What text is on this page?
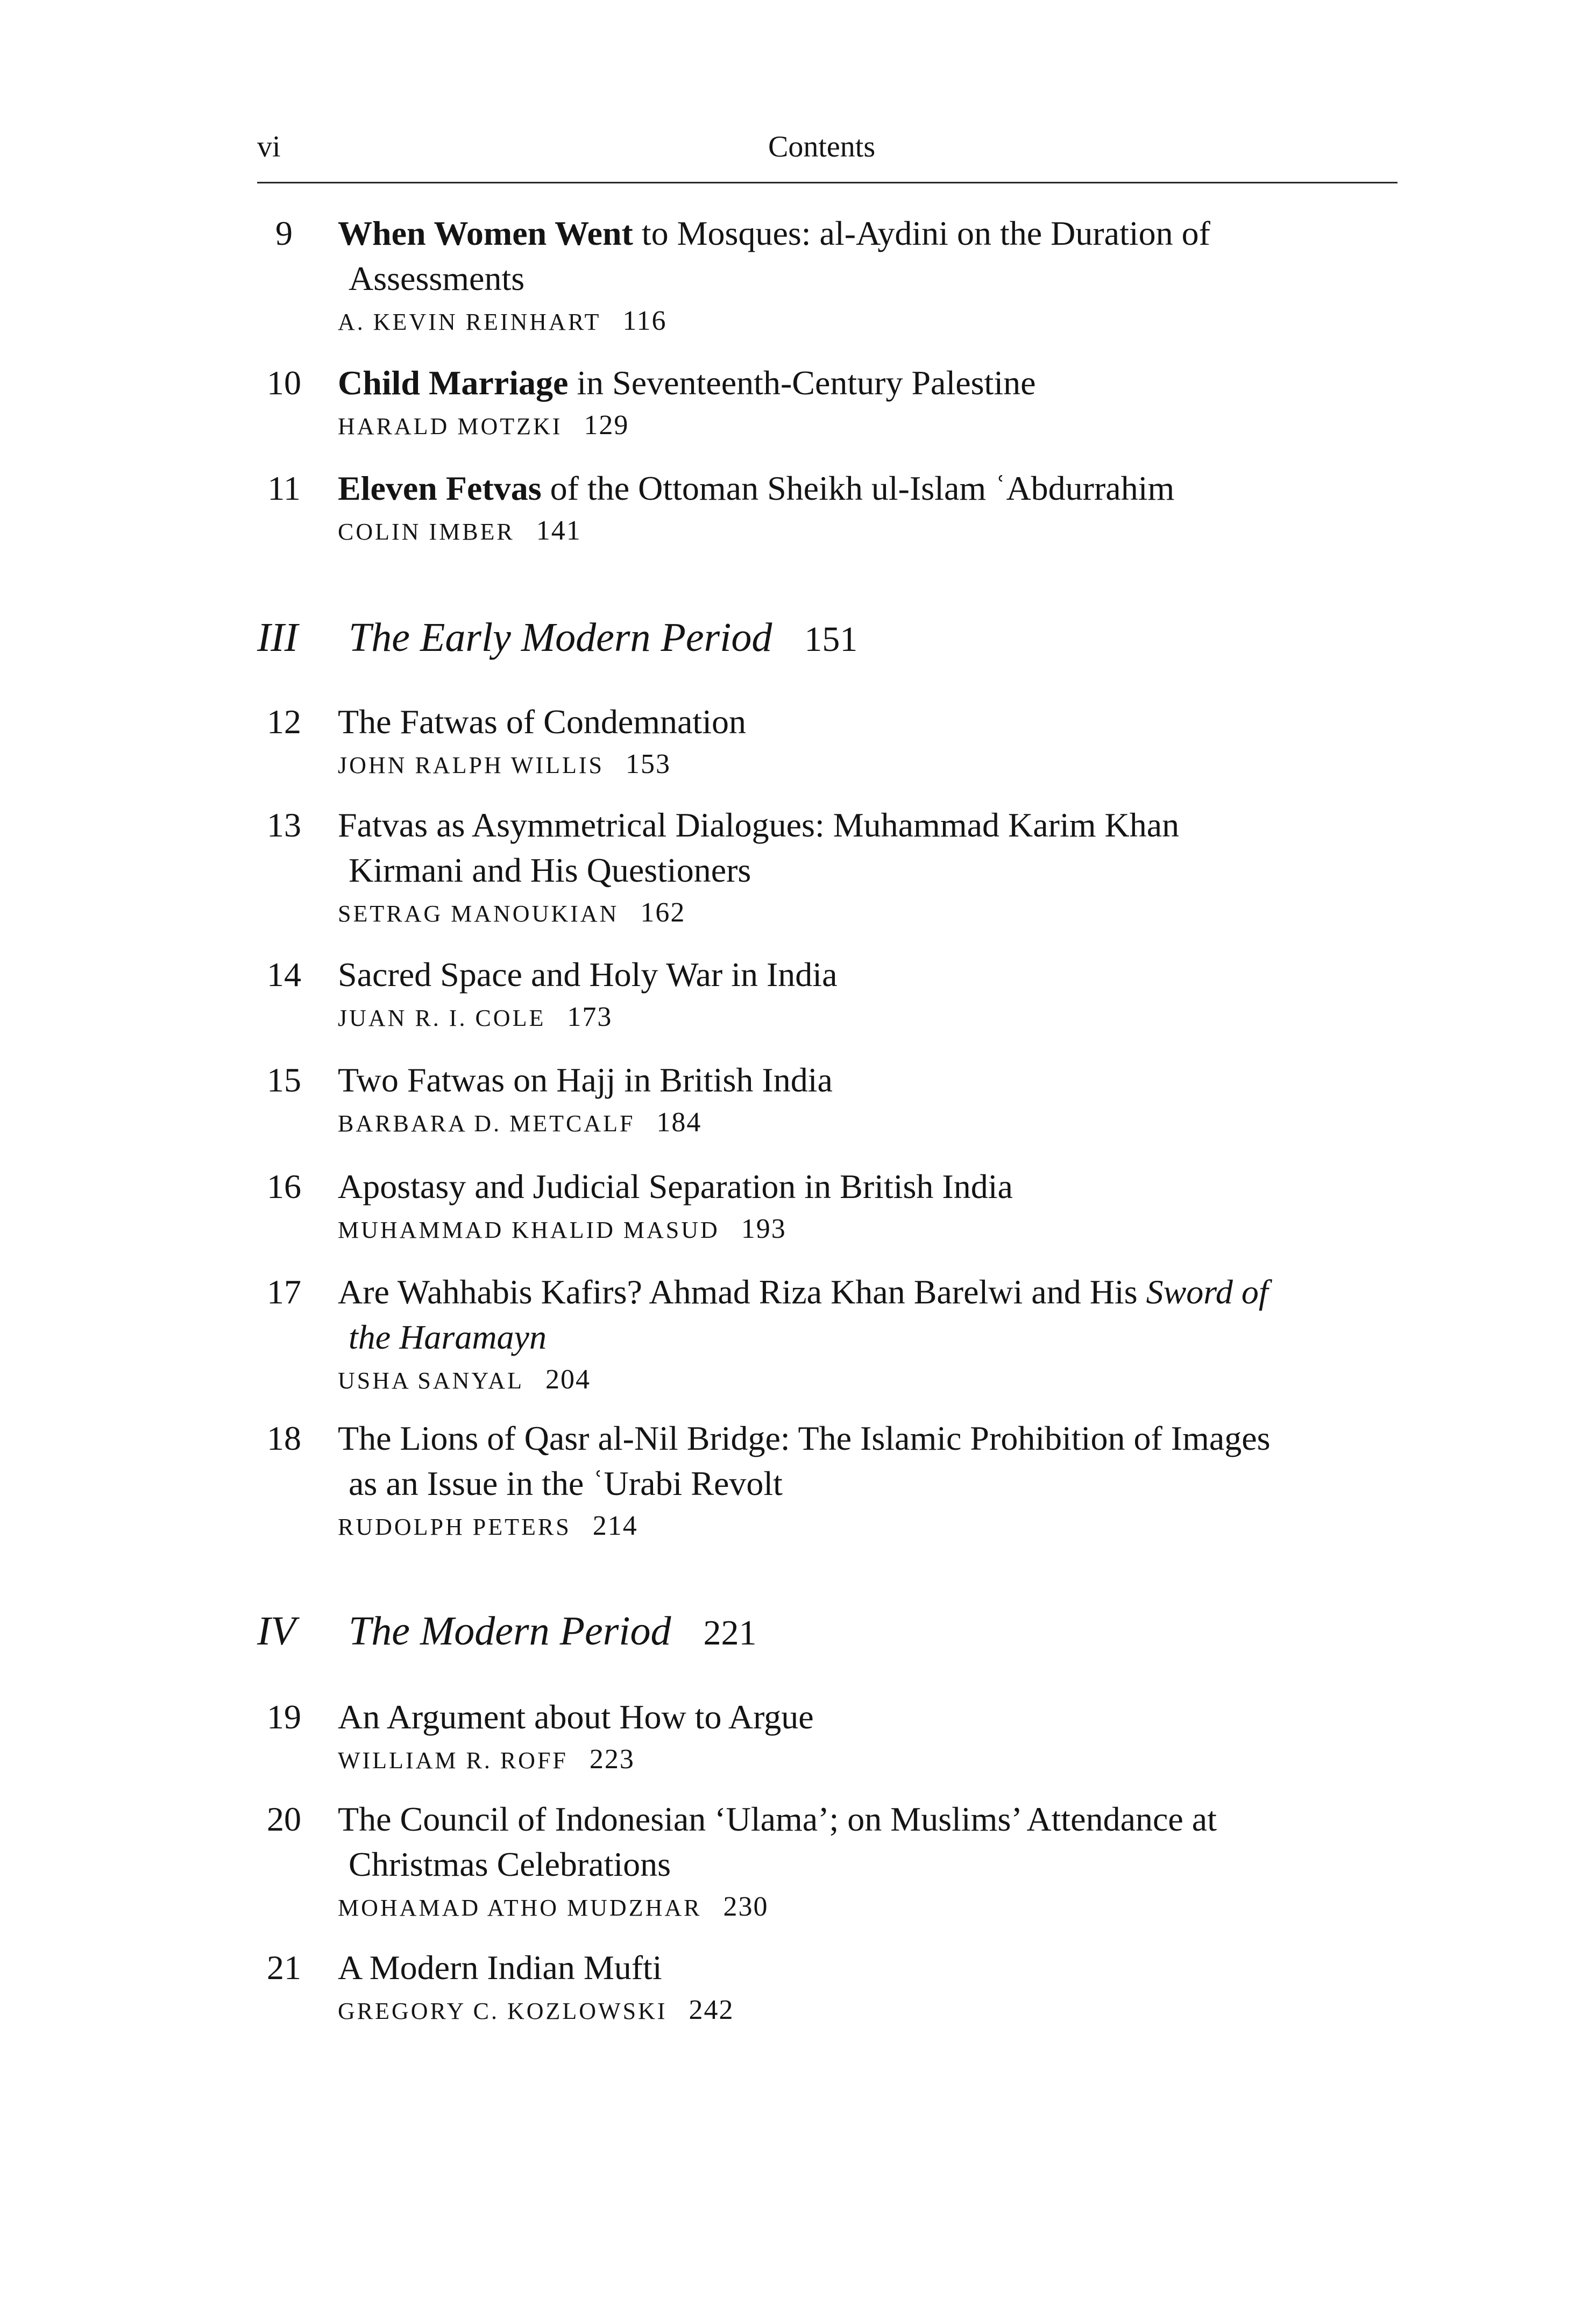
vi	Contents
9	When Women Went to Mosques: al-Aydini on the Duration of
Assessments

A. KEVIN REINHART 116
10 Child Marriage in Seventeenth-Century Palestine

HARALD MOTZKI 129
11 Eleven Fetvas of the Ottoman Sheikh ul-Islam ʿAbdurrahim

COLIN IMBER 141
III The Early Modern Period 151
12 The Fatwas of Condemnation

JOHN RALPH WILLIS 153
13 Fatvas as Asymmetrical Dialogues: Muhammad Karim Khan
Kirmani and His Questioners

SETRAG MANOUKIAN 162
14 Sacred Space and Holy War in India

JUAN R. I. COLE 173
15 Two Fatwas on Hajj in British India

BARBARA D. METCALF 184
16 Apostasy and Judicial Separation in British India

MUHAMMAD KHALID MASUD 193
17 Are Wahhabis Kafirs? Ahmad Riza Khan Barelwi and His Sword of
the Haramayn

USHA SANYAL 204
18 The Lions of Qasr al-Nil Bridge: The Islamic Prohibition of Images
as an Issue in the ʿUrabi Revolt

RUDOLPH PETERS 214
IV The Modern Period 221
19 An Argument about How to Argue

WILLIAM R. ROFF 223
20 The Council of Indonesian ‘Ulama’; on Muslims’ Attendance at
Christmas Celebrations

MOHAMAD ATHO MUDZHAR 230
21 A Modern Indian Mufti

GREGORY C. KOZLOWSKI 242
